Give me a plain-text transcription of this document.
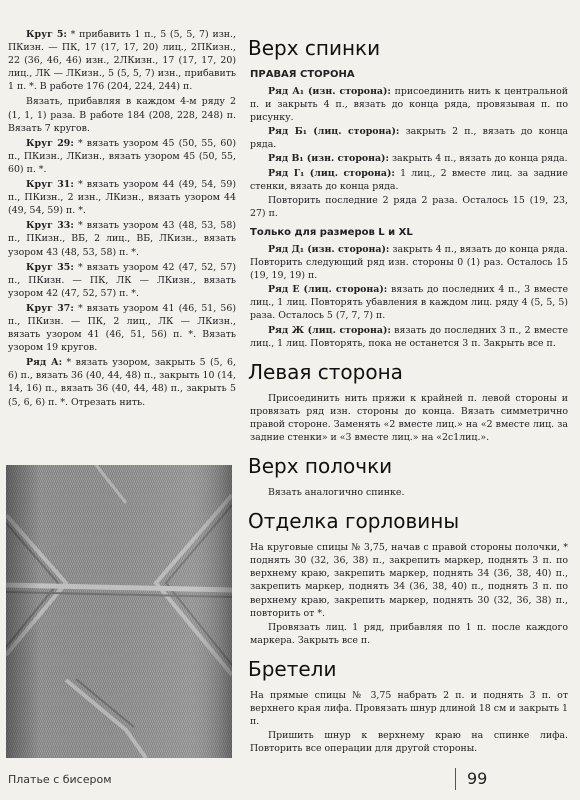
Круг 5: * прибавить 1 п., 5 (5, 5, 7) изн., ПКизн. — ПК, 17 (17, 17, 20) лиц., 2ПКизн., 22 (36, 46, 46) изн., 2ЛКизн., 17 (17, 17, 20) лиц., ЛК — ЛКизн., 5 (5, 5, 7) изн., прибавить 1 п. *. В работе 176 (204, 224, 244) п.

Вязать, прибавляя в каждом 4-м ряду 2 (1, 1, 1) раза. В работе 184 (208, 228, 248) п. Вязать 7 кругов.

Круг 29: * вязать узором 45 (50, 55, 60) п., ПКизн., ЛКизн., вязать узором 45 (50, 55, 60) п. *.

Круг 31: * вязать узором 44 (49, 54, 59) п., ПКизн., 2 изн., ЛКизн., вязать узором 44 (49, 54, 59) п. *.

Круг 33: * вязать узором 43 (48, 53, 58) п., ПКизн., ВБ, 2 лиц., ВБ, ЛКизн., вязать узором 43 (48, 53, 58) п. *.

Круг 35: * вязать узором 42 (47, 52, 57) п., ПКизн. — ПК, ЛК — ЛКизн., вязать узором 42 (47, 52, 57) п. *.

Круг 37: * вязать узором 41 (46, 51, 56) п., ПКизн. — ПК, 2 лиц., ЛК — ЛКизн., вязать узором 41 (46, 51, 56) п. *. Вязать узором 19 кругов.

Ряд А: * вязать узором, закрыть 5 (5, 6, 6) п., вязать 36 (40, 44, 48) п., закрыть 10 (14, 14, 16) п., вязать 36 (40, 44, 48) п., закрыть 5 (5, 6, 6) п. *. Отрезать нить.

Верх спинки
ПРАВАЯ СТОРОНА

Ряд А₁ (изн. сторона): присоединить нить к центральной п. и закрыть 4 п., вязать до конца ряда, провязывая п. по рисунку.

Ряд Б₁ (лиц. сторона): закрыть 2 п., вязать до конца ряда.

Ряд В₁ (изн. сторона): закрыть 4 п., вязать до конца ряда.

Ряд Г₁ (лиц. сторона): 1 лиц., 2 вместе лиц. за задние стенки, вязать до конца ряда.

Повторить последние 2 ряда 2 раза. Осталось 15 (19, 23, 27) п.

Только для размеров L и XL

Ряд Д₁ (изн. сторона): закрыть 4 п., вязать до конца ряда. Повторить следующий ряд изн. стороны 0 (1) раз. Осталось 15 (19, 19, 19) п.

Ряд Е (лиц. сторона): вязать до последних 4 п., 3 вместе лиц., 1 лиц. Повторять убавления в каждом лиц. ряду 4 (5, 5, 5) раза. Осталось 5 (7, 7, 7) п.

Ряд Ж (лиц. сторона): вязать до последних 3 п., 2 вместе лиц., 1 лиц. Повторять, пока не останется 3 п. Закрыть все п.

Левая сторона

Присоединить нить пряжи к крайней п. левой стороны и провязать ряд изн. стороны до конца. Вязать симметрично правой стороне. Заменять «2 вместе лиц.» на «2 вместе лиц. за задние стенки» и «3 вместе лиц.» на «2с1лиц.».

Верх полочки

Вязать аналогично спинке.

Отделка горловины

На круговые спицы № 3,75, начав с правой стороны полочки, * поднять 30 (32, 36, 38) п., закрепить маркер, поднять 3 п. по верхнему краю, закрепить маркер, поднять 34 (36, 38, 40) п., закрепить маркер, поднять 34 (36, 38, 40) п., поднять 3 п. по верхнему краю, закрепить маркер, поднять 30 (32, 36, 38) п., повторить от *.

Провязать лиц. 1 ряд, прибавляя по 1 п. после каждого маркера. Закрыть все п.

Бретели

На прямые спицы № 3,75 набрать 2 п. и поднять 3 п. от верхнего края лифа. Провязать шнур длиной 18 см и закрыть 1 п.

Пришить шнур к верхнему краю на спинке лифа. Повторить все операции для другой стороны.

Платье с бисером	99
